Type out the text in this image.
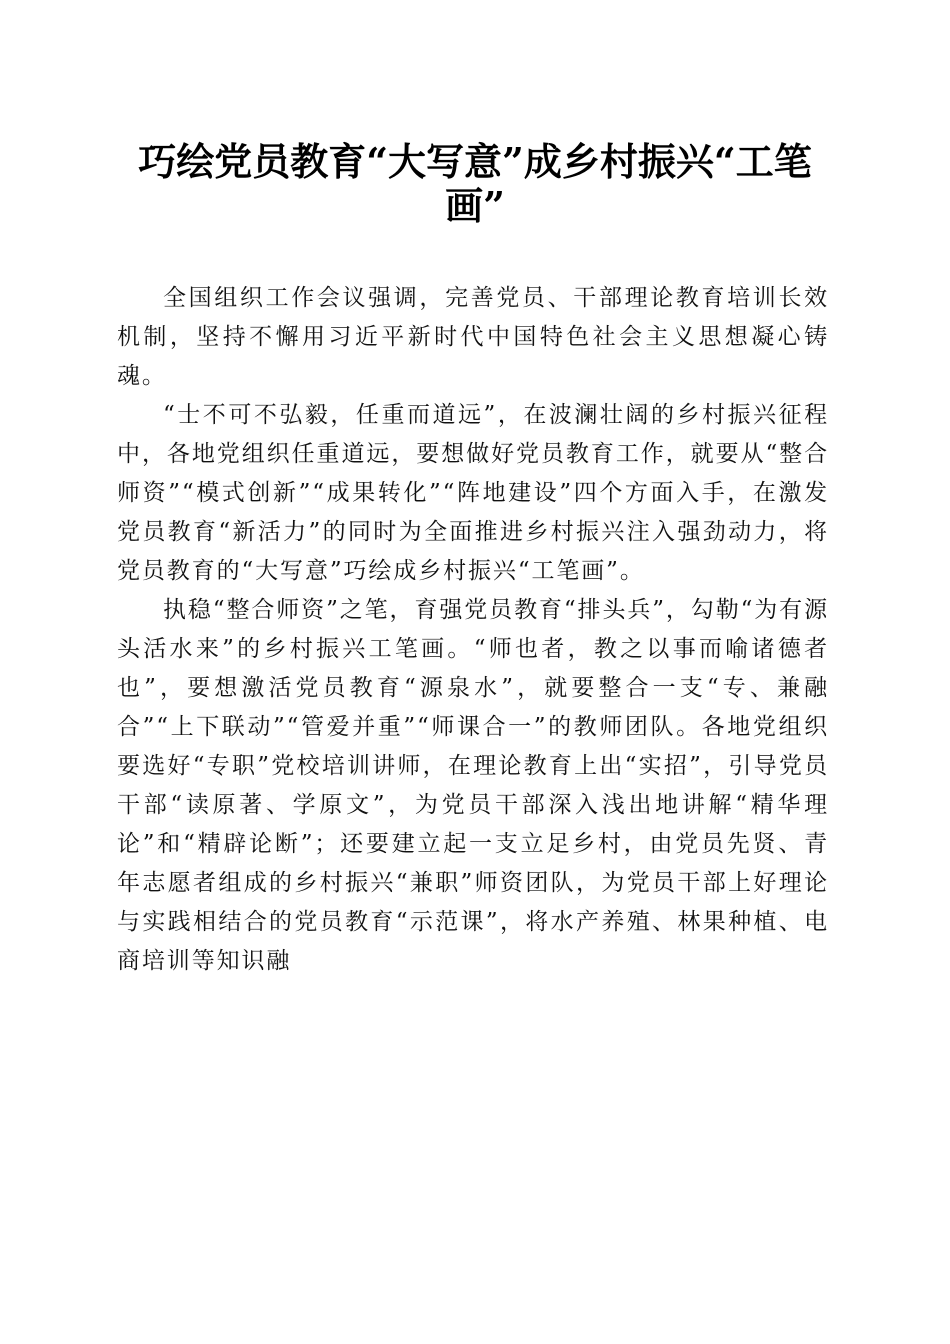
巧绘党员教育“大写意”成乡村振兴“工笔画”

全国组织工作会议强调，完善党员、干部理论教育培训长效机制，坚持不懈用习近平新时代中国特色社会主义思想凝心铸魂。

“士不可不弘毅，任重而道远”，在波澜壮阔的乡村振兴征程中，各地党组织任重道远，要想做好党员教育工作，就要从“整合师资”“模式创新”“成果转化”“阵地建设”四个方面入手，在激发党员教育“新活力”的同时为全面推进乡村振兴注入强劲动力，将党员教育的“大写意”巧绘成乡村振兴“工笔画”。

执稳“整合师资”之笔，育强党员教育“排头兵”，勾勒“为有源头活水来”的乡村振兴工笔画。“师也者，教之以事而喻诸德者也”，要想激活党员教育“源泉水”，就要整合一支“专、兼融合”“上下联动”“管爱并重”“师课合一”的教师团队。各地党组织要选好“专职”党校培训讲师，在理论教育上出“实招”，引导党员干部“读原著、学原文”，为党员干部深入浅出地讲解“精华理论”和“精辟论断”；还要建立起一支立足乡村，由党员先贤、青年志愿者组成的乡村振兴“兼职”师资团队，为党员干部上好理论与实践相结合的党员教育“示范课”，将水产养殖、林果种植、电商培训等知识融
